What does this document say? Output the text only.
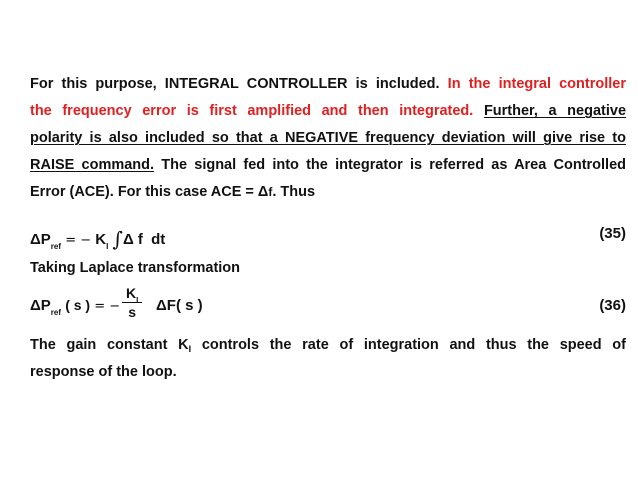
For this purpose, INTEGRAL CONTROLLER is included. In the integral controller
the frequency error is first amplified and then integrated. Further, a negative
polarity is also included so that a NEGATIVE frequency deviation will give rise to
RAISE command. The signal fed into the integrator is referred as Area Controlled
Error (ACE). For this case ACE = Δf. Thus
$\Delta P_{ref}$ = − $K_I$ ∫Δ f dt	(35)
Taking Laplace transformation
$\Delta P_{ref}$ ( s ) = − $\frac{K_I}{s} \Delta F$( s )	(36)
The gain constant $K_I$ controls the rate of integration and thus the speed of
response of the loop.
